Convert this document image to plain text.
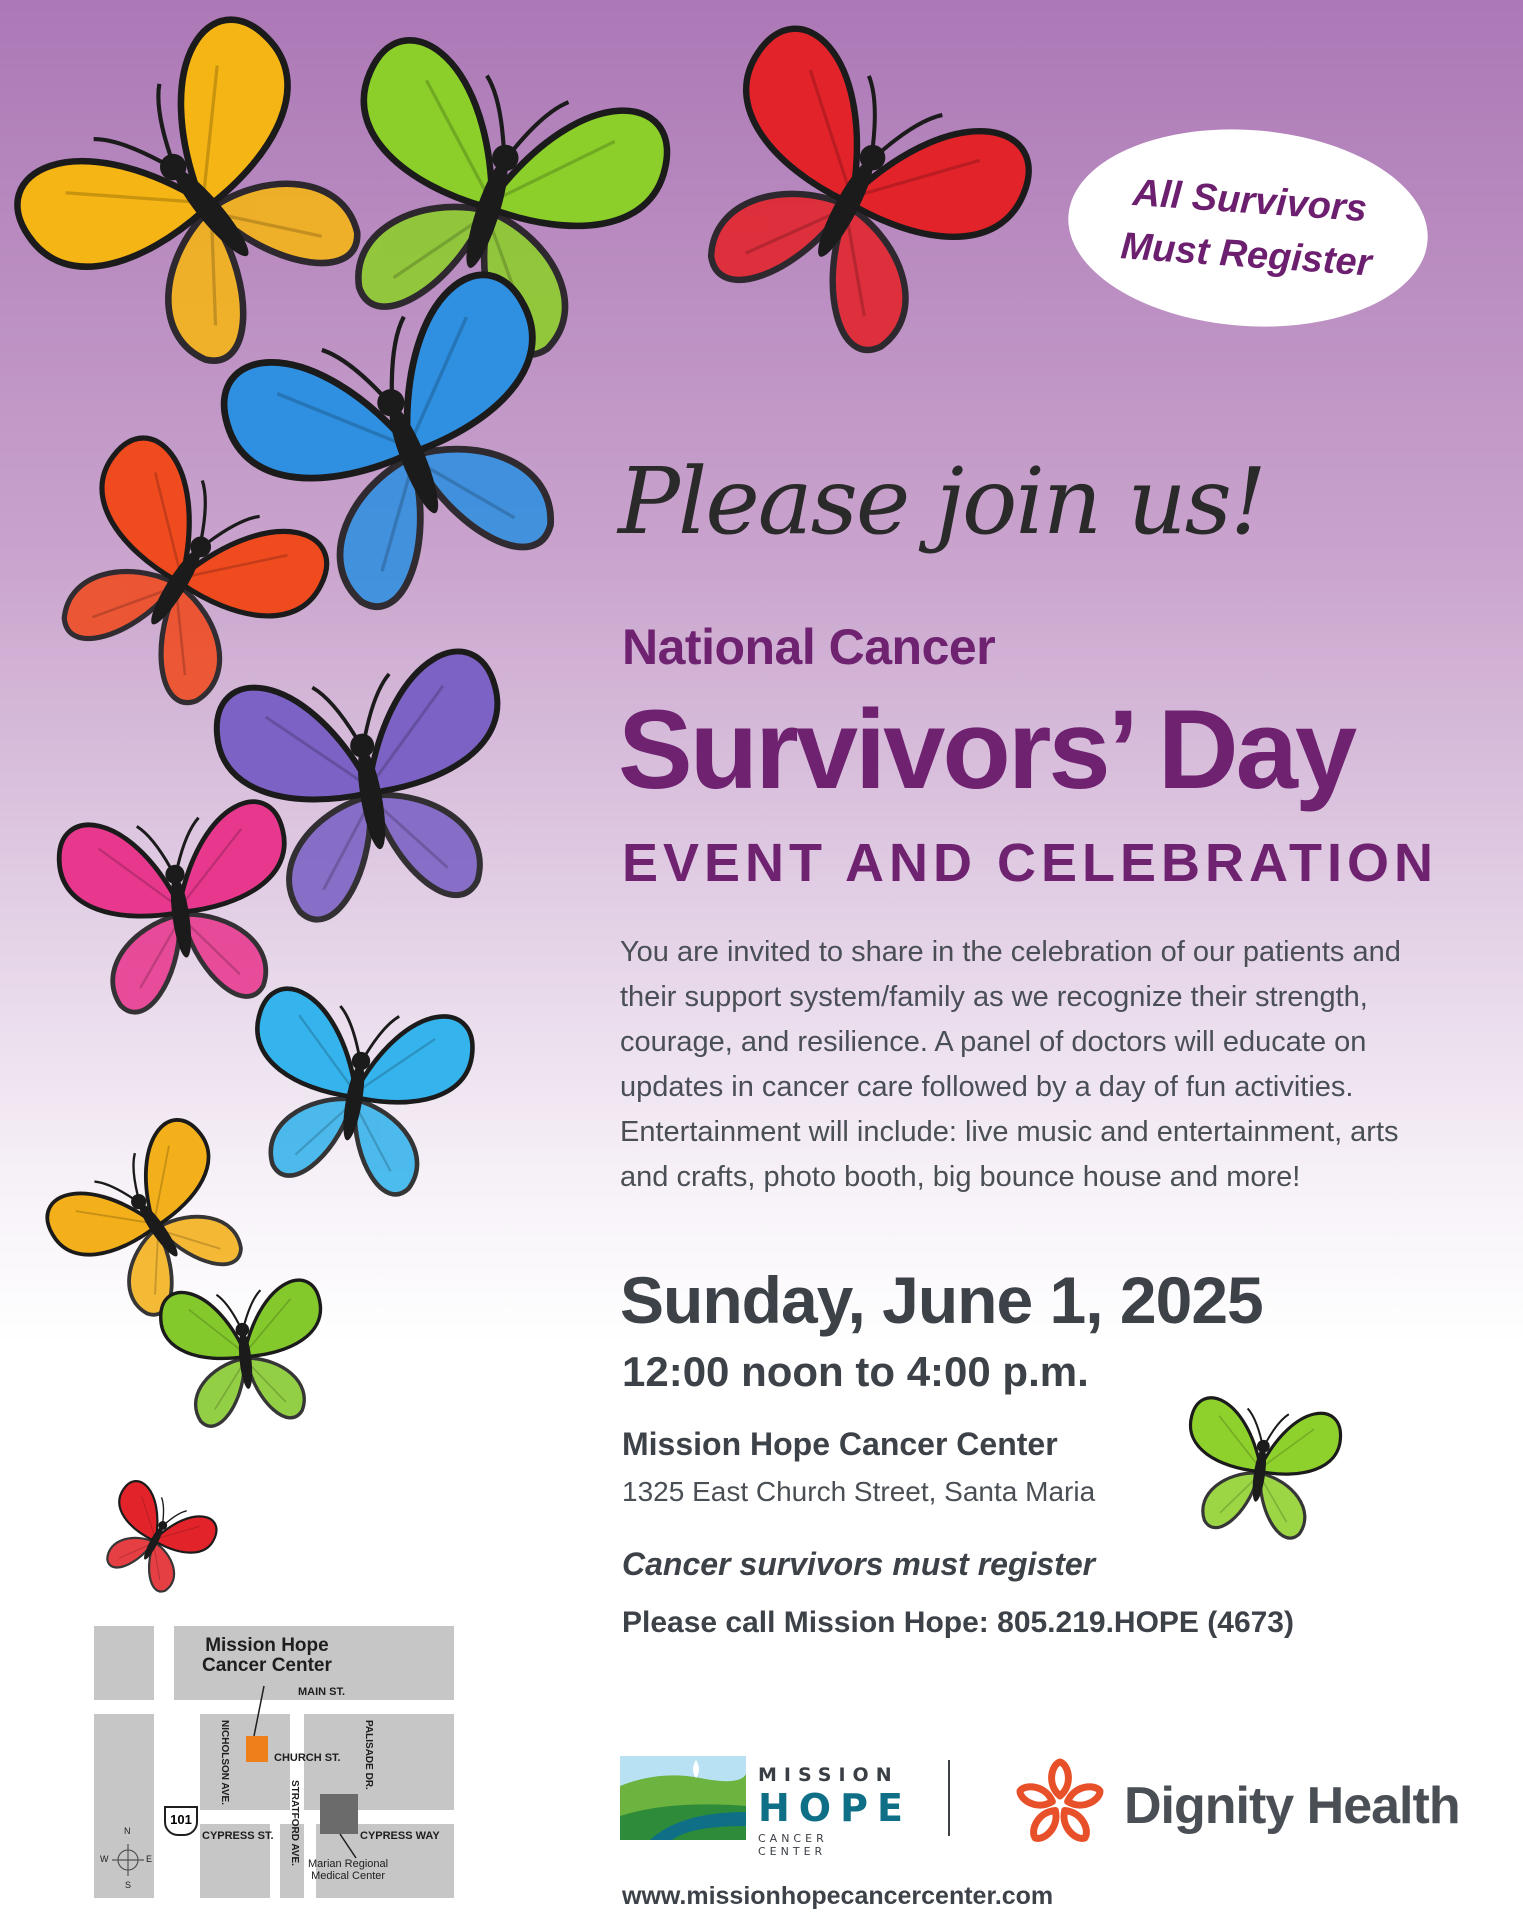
All Survivors
Must Register
Please join us!
National Cancer
Survivors’ Day
EVENT AND CELEBRATION
You are invited to share in the celebration of our patients and their support system/family as we recognize their strength, courage, and resilience. A panel of doctors will educate on updates in cancer care followed by a day of fun activities. Entertainment will include: live music and entertainment, arts and crafts, photo booth, big bounce house and more!
Sunday, June 1, 2025
12:00 noon to 4:00 p.m.
Mission Hope Cancer Center
1325 East Church Street, Santa Maria
Cancer survivors must register
Please call Mission Hope: 805.219.HOPE (4673)
MISSION
HOPE
CANCER CENTER
Dignity Health
www.missionhopecancercenter.com
Mission Hope
Cancer Center
MAIN ST.
CHURCH ST.
CYPRESS ST.	CYPRESS WAY
NICHOLSON AVE.	PALISADE DR.
STRATFORD AVE.
101
Marian Regional
Medical Center
N
S
W	E
